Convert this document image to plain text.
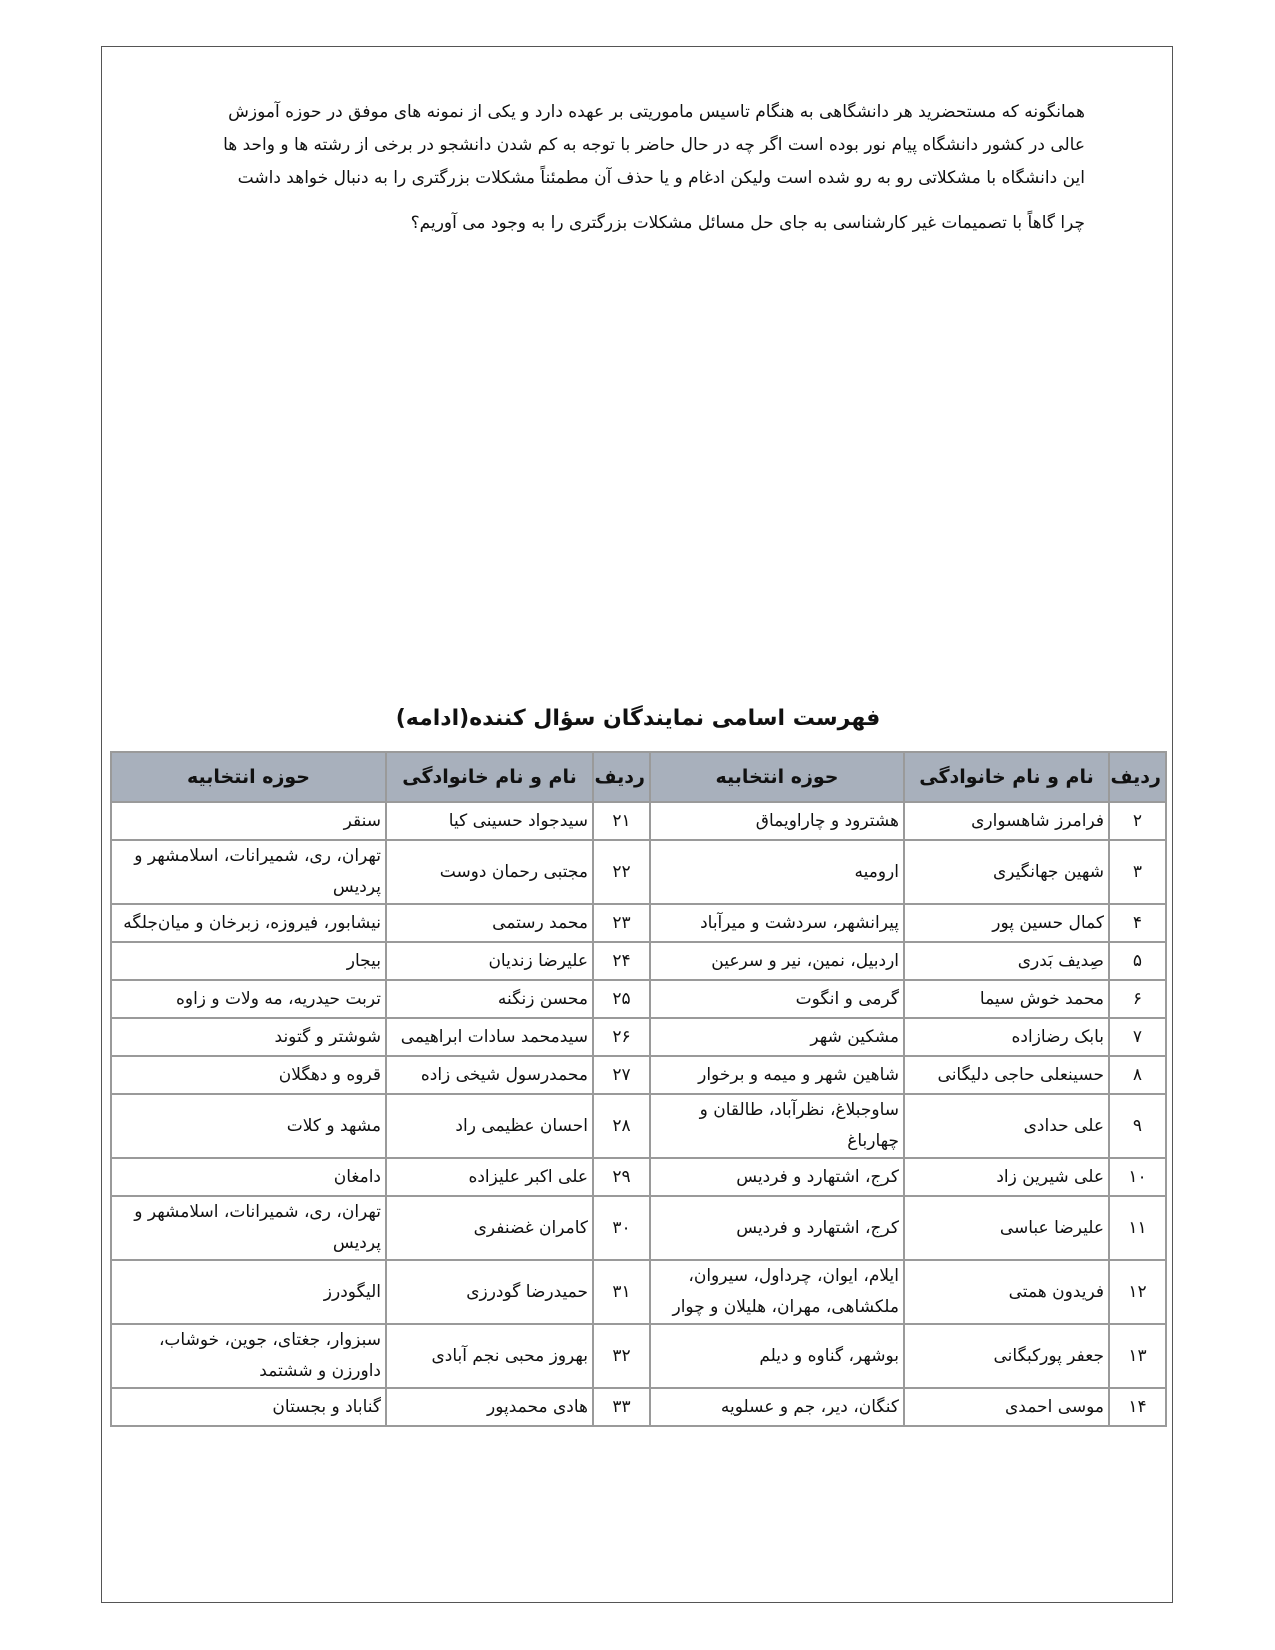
همانگونه که مستحضرید هر دانشگاهی به هنگام تاسیس ماموریتی بر عهده دارد و یکی از نمونه های موفق در حوزه آموزش عالی در کشور دانشگاه پیام نور بوده است اگر چه در حال حاضر با توجه به کم شدن دانشجو در برخی از رشته ها و واحد ها این دانشگاه با مشکلاتی رو به رو شده است ولیکن ادغام و یا حذف آن مطمئناً مشکلات بزرگتری را به دنبال خواهد داشت

چرا گاهاً با تصمیمات غیر کارشناسی به جای حل مسائل مشکلات بزرگتری را به وجود می آوریم؟

فهرست اسامی نمایندگان سؤال کننده(ادامه)
ردیف	نام و نام خانوادگی	حوزه انتخابیه	ردیف	نام و نام خانوادگی	حوزه انتخابیه
۲	فرامرز شاهسواری	هشترود و چاراویماق	۲۱	سیدجواد حسینی کیا	سنقر
۳	شهین جهانگیری	ارومیه	۲۲	مجتبی رحمان دوست	تهران، ری، شمیرانات، اسلامشهر و پردیس
۴	کمال حسین پور	پیرانشهر، سردشت و میرآباد	۲۳	محمد رستمی	نیشابور، فیروزه، زبرخان و میان‌جلگه
۵	صِدیف بَدری	اردبیل، نمین، نیر و سرعین	۲۴	علیرضا زندیان	بیجار
۶	محمد خوش سیما	گرمی و انگوت	۲۵	محسن زنگنه	تربت حیدریه، مه ولات و زاوه
۷	بابک رضازاده	مشکین شهر	۲۶	سیدمحمد سادات ابراهیمی	شوشتر و گتوند
۸	حسینعلی حاجی دلیگانی	شاهین شهر و میمه و برخوار	۲۷	محمدرسول شیخی زاده	قروه و دهگلان
۹	علی حدادی	ساوجبلاغ، نظرآباد، طالقان و چهارباغ	۲۸	احسان عظیمی راد	مشهد و کلات
۱۰	علی شیرین زاد	کرج، اشتهارد و فردیس	۲۹	علی اکبر علیزاده	دامغان
۱۱	علیرضا عباسی	کرج، اشتهارد و فردیس	۳۰	کامران غضنفری	تهران، ری، شمیرانات، اسلامشهر و پردیس
۱۲	فریدون همتی	ایلام، ایوان، چرداول، سیروان، ملکشاهی، مهران، هلیلان و چوار	۳۱	حمیدرضا گودرزی	الیگودرز
۱۳	جعفر پورکبگانی	بوشهر، گناوه و دیلم	۳۲	بهروز محبی نجم آبادی	سبزوار، جغتای، جوین، خوشاب، داورزن و ششتمد
۱۴	موسی احمدی	کنگان، دیر، جم و عسلویه	۳۳	هادی محمدپور	گناباد و بجستان
